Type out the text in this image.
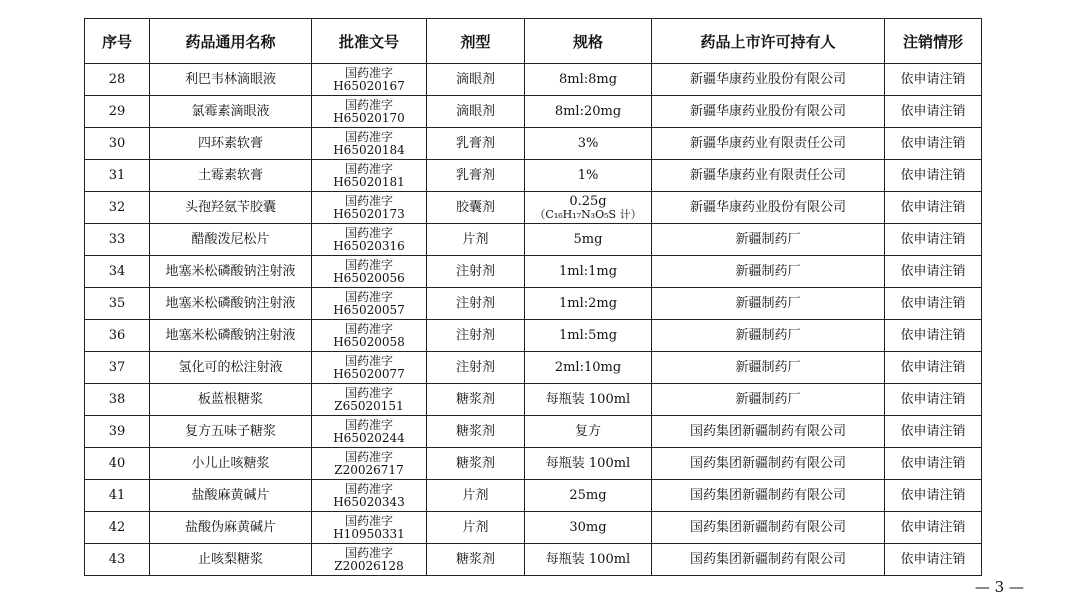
序号	药品通用名称	批准文号	剂型	规格	药品上市许可持有人	注销情形
28	利巴韦林滴眼液	国药准字
H65020167	滴眼剂	8ml:8mg	新疆华康药业股份有限公司	依申请注销
29	氯霉素滴眼液	国药准字
H65020170	滴眼剂	8ml:20mg	新疆华康药业股份有限公司	依申请注销
30	四环素软膏	国药准字
H65020184	乳膏剂	3%	新疆华康药业有限责任公司	依申请注销
31	土霉素软膏	国药准字
H65020181	乳膏剂	1%	新疆华康药业有限责任公司	依申请注销
32	头孢羟氨苄胶囊	国药准字
H65020173	胶囊剂	0.25g
（C₁₆H₁₇N₃O₅S 计）	新疆华康药业股份有限公司	依申请注销
33	醋酸泼尼松片	国药准字
H65020316	片剂	5mg	新疆制药厂	依申请注销
34	地塞米松磷酸钠注射液	国药准字
H65020056	注射剂	1ml:1mg	新疆制药厂	依申请注销
35	地塞米松磷酸钠注射液	国药准字
H65020057	注射剂	1ml:2mg	新疆制药厂	依申请注销
36	地塞米松磷酸钠注射液	国药准字
H65020058	注射剂	1ml:5mg	新疆制药厂	依申请注销
37	氢化可的松注射液	国药准字
H65020077	注射剂	2ml:10mg	新疆制药厂	依申请注销
38	板蓝根糖浆	国药准字
Z65020151	糖浆剂	每瓶装 100ml	新疆制药厂	依申请注销
39	复方五味子糖浆	国药准字
H65020244	糖浆剂	复方	国药集团新疆制药有限公司	依申请注销
40	小儿止咳糖浆	国药准字
Z20026717	糖浆剂	每瓶装 100ml	国药集团新疆制药有限公司	依申请注销
41	盐酸麻黄碱片	国药准字
H65020343	片剂	25mg	国药集团新疆制药有限公司	依申请注销
42	盐酸伪麻黄碱片	国药准字
H10950331	片剂	30mg	国药集团新疆制药有限公司	依申请注销
43	止咳梨糖浆	国药准字
Z20026128	糖浆剂	每瓶装 100ml	国药集团新疆制药有限公司	依申请注销
— 3 —
